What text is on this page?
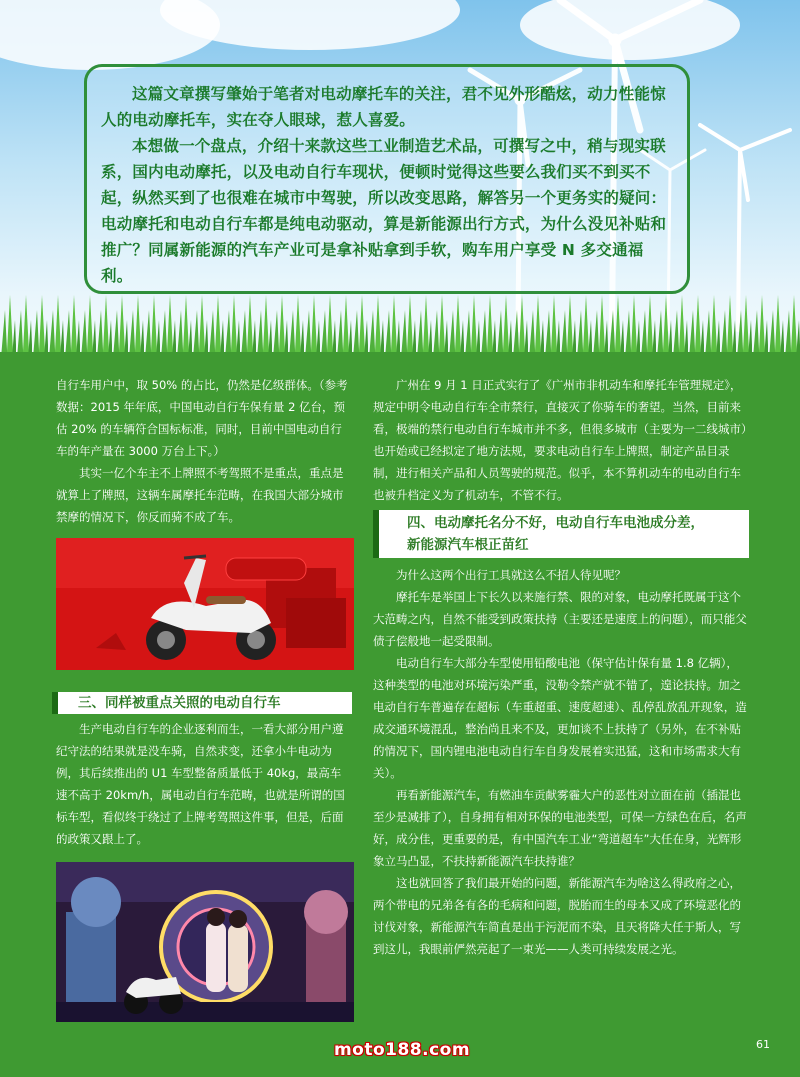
这篇文章撰写肇始于笔者对电动摩托车的关注，君不见外形酷炫，动力性能惊人的电动摩托车，实在夺人眼球，惹人喜爱。

本想做一个盘点，介绍十来款这些工业制造艺术品，可撰写之中，稍与现实联系，国内电动摩托，以及电动自行车现状，便顿时觉得这些要么我们买不到买不起，纵然买到了也很难在城市中驾驶，所以改变思路，解答另一个更务实的疑问：电动摩托和电动自行车都是纯电动驱动，算是新能源出行方式，为什么没见补贴和推广？同属新能源的汽车产业可是拿补贴拿到手软，购车用户享受 N 多交通福利。

自行车用户中，取 50% 的占比，仍然是亿级群体。（参考数据：2015 年年底，中国电动自行车保有量 2 亿台，预估 20% 的车辆符合国标标准，同时，目前中国电动自行车的年产量在 3000 万台上下。）

其实一亿个车主不上牌照不考驾照不是重点，重点是就算上了牌照，这辆车属摩托车范畴，在我国大部分城市禁摩的情况下，你反而骑不成了车。

三、同样被重点关照的电动自行车

生产电动自行车的企业逐利而生，一看大部分用户遵纪守法的结果就是没车骑，自然求变，还拿小牛电动为例，其后续推出的 U1 车型整备质量低于 40kg，最高车速不高于 20km/h，属电动自行车范畴，也就是所谓的国标车型，看似终于绕过了上牌考驾照这件事，但是，后面的政策又跟上了。

广州在 9 月 1 日正式实行了《广州市非机动车和摩托车管理规定》，规定中明令电动自行车全市禁行，直接灭了你骑车的奢望。当然，目前来看，极端的禁行电动自行车城市并不多，但很多城市（主要为一二线城市）也开始或已经拟定了地方法规，要求电动自行车上牌照，制定产品目录制，进行相关产品和人员驾驶的规范。似乎，本不算机动车的电动自行车也被升档定义为了机动车，不管不行。

四、电动摩托名分不好，电动自行车电池成分差，
新能源汽车根正苗红

为什么这两个出行工具就这么不招人待见呢？

摩托车是举国上下长久以来施行禁、限的对象，电动摩托既属于这个大范畴之内，自然不能受到政策扶持（主要还是速度上的问题），而只能父债子偿般地一起受限制。

电动自行车大部分车型使用铅酸电池（保守估计保有量 1.8 亿辆），这种类型的电池对环境污染严重，没勒令禁产就不错了，遑论扶持。加之电动自行车普遍存在超标（车重超重、速度超速）、乱停乱放乱开现象，造成交通环境混乱，整治尚且来不及，更加谈不上扶持了（另外，在不补贴的情况下，国内锂电池电动自行车自身发展着实迅猛，这和市场需求大有关）。

再看新能源汽车，有燃油车贡献雾霾大户的恶性对立面在前（插混也至少是减排了），自身拥有相对环保的电池类型，可保一方绿色在后，名声好，成分佳，更重要的是，有中国汽车工业“弯道超车”大任在身，光辉形象立马凸显，不扶持新能源汽车扶持谁？

这也就回答了我们最开始的问题，新能源汽车为啥这么得政府之心，两个带电的兄弟各有各的毛病和问题，脱胎而生的母本又成了环境恶化的讨伐对象，新能源汽车简直是出于污泥而不染，且天将降大任于斯人，写到这儿，我眼前俨然亮起了一束光——人类可持续发展之光。

moto188.com	61
